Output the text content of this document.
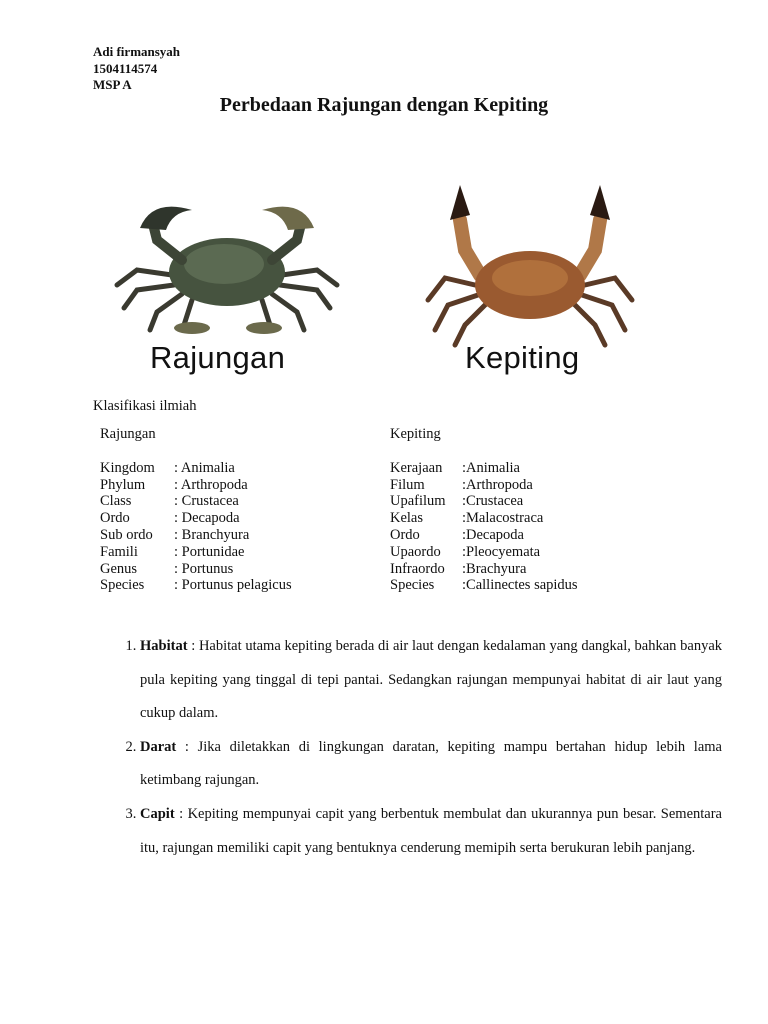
Adi firmansyah
1504114574
MSP A
Perbedaan Rajungan dengan Kepiting
Rajungan	Kepiting
Klasifikasi ilmiah
Rajungan
Kingdom	: Animalia
Phylum	: Arthropoda
Class	: Crustacea
Ordo	: Decapoda
Sub ordo	: Branchyura
Famili	: Portunidae
Genus	: Portunus
Species	: Portunus pelagicus
Kepiting
Kerajaan	:Animalia
Filum	:Arthropoda
Upafilum	:Crustacea
Kelas	:Malacostraca
Ordo	:Decapoda
Upaordo	:Pleocyemata
Infraordo	:Brachyura
Species	:Callinectes sapidus
1. Habitat : Habitat utama kepiting berada di air laut dengan kedalaman yang dangkal, bahkan banyak pula kepiting yang tinggal di tepi pantai. Sedangkan rajungan mempunyai habitat di air laut yang cukup dalam.
2. Darat : Jika diletakkan di lingkungan daratan, kepiting mampu bertahan hidup lebih lama ketimbang rajungan.
3. Capit : Kepiting mempunyai capit yang berbentuk membulat dan ukurannya pun besar. Sementara itu, rajungan memiliki capit yang bentuknya cenderung memipih serta berukuran lebih panjang.
